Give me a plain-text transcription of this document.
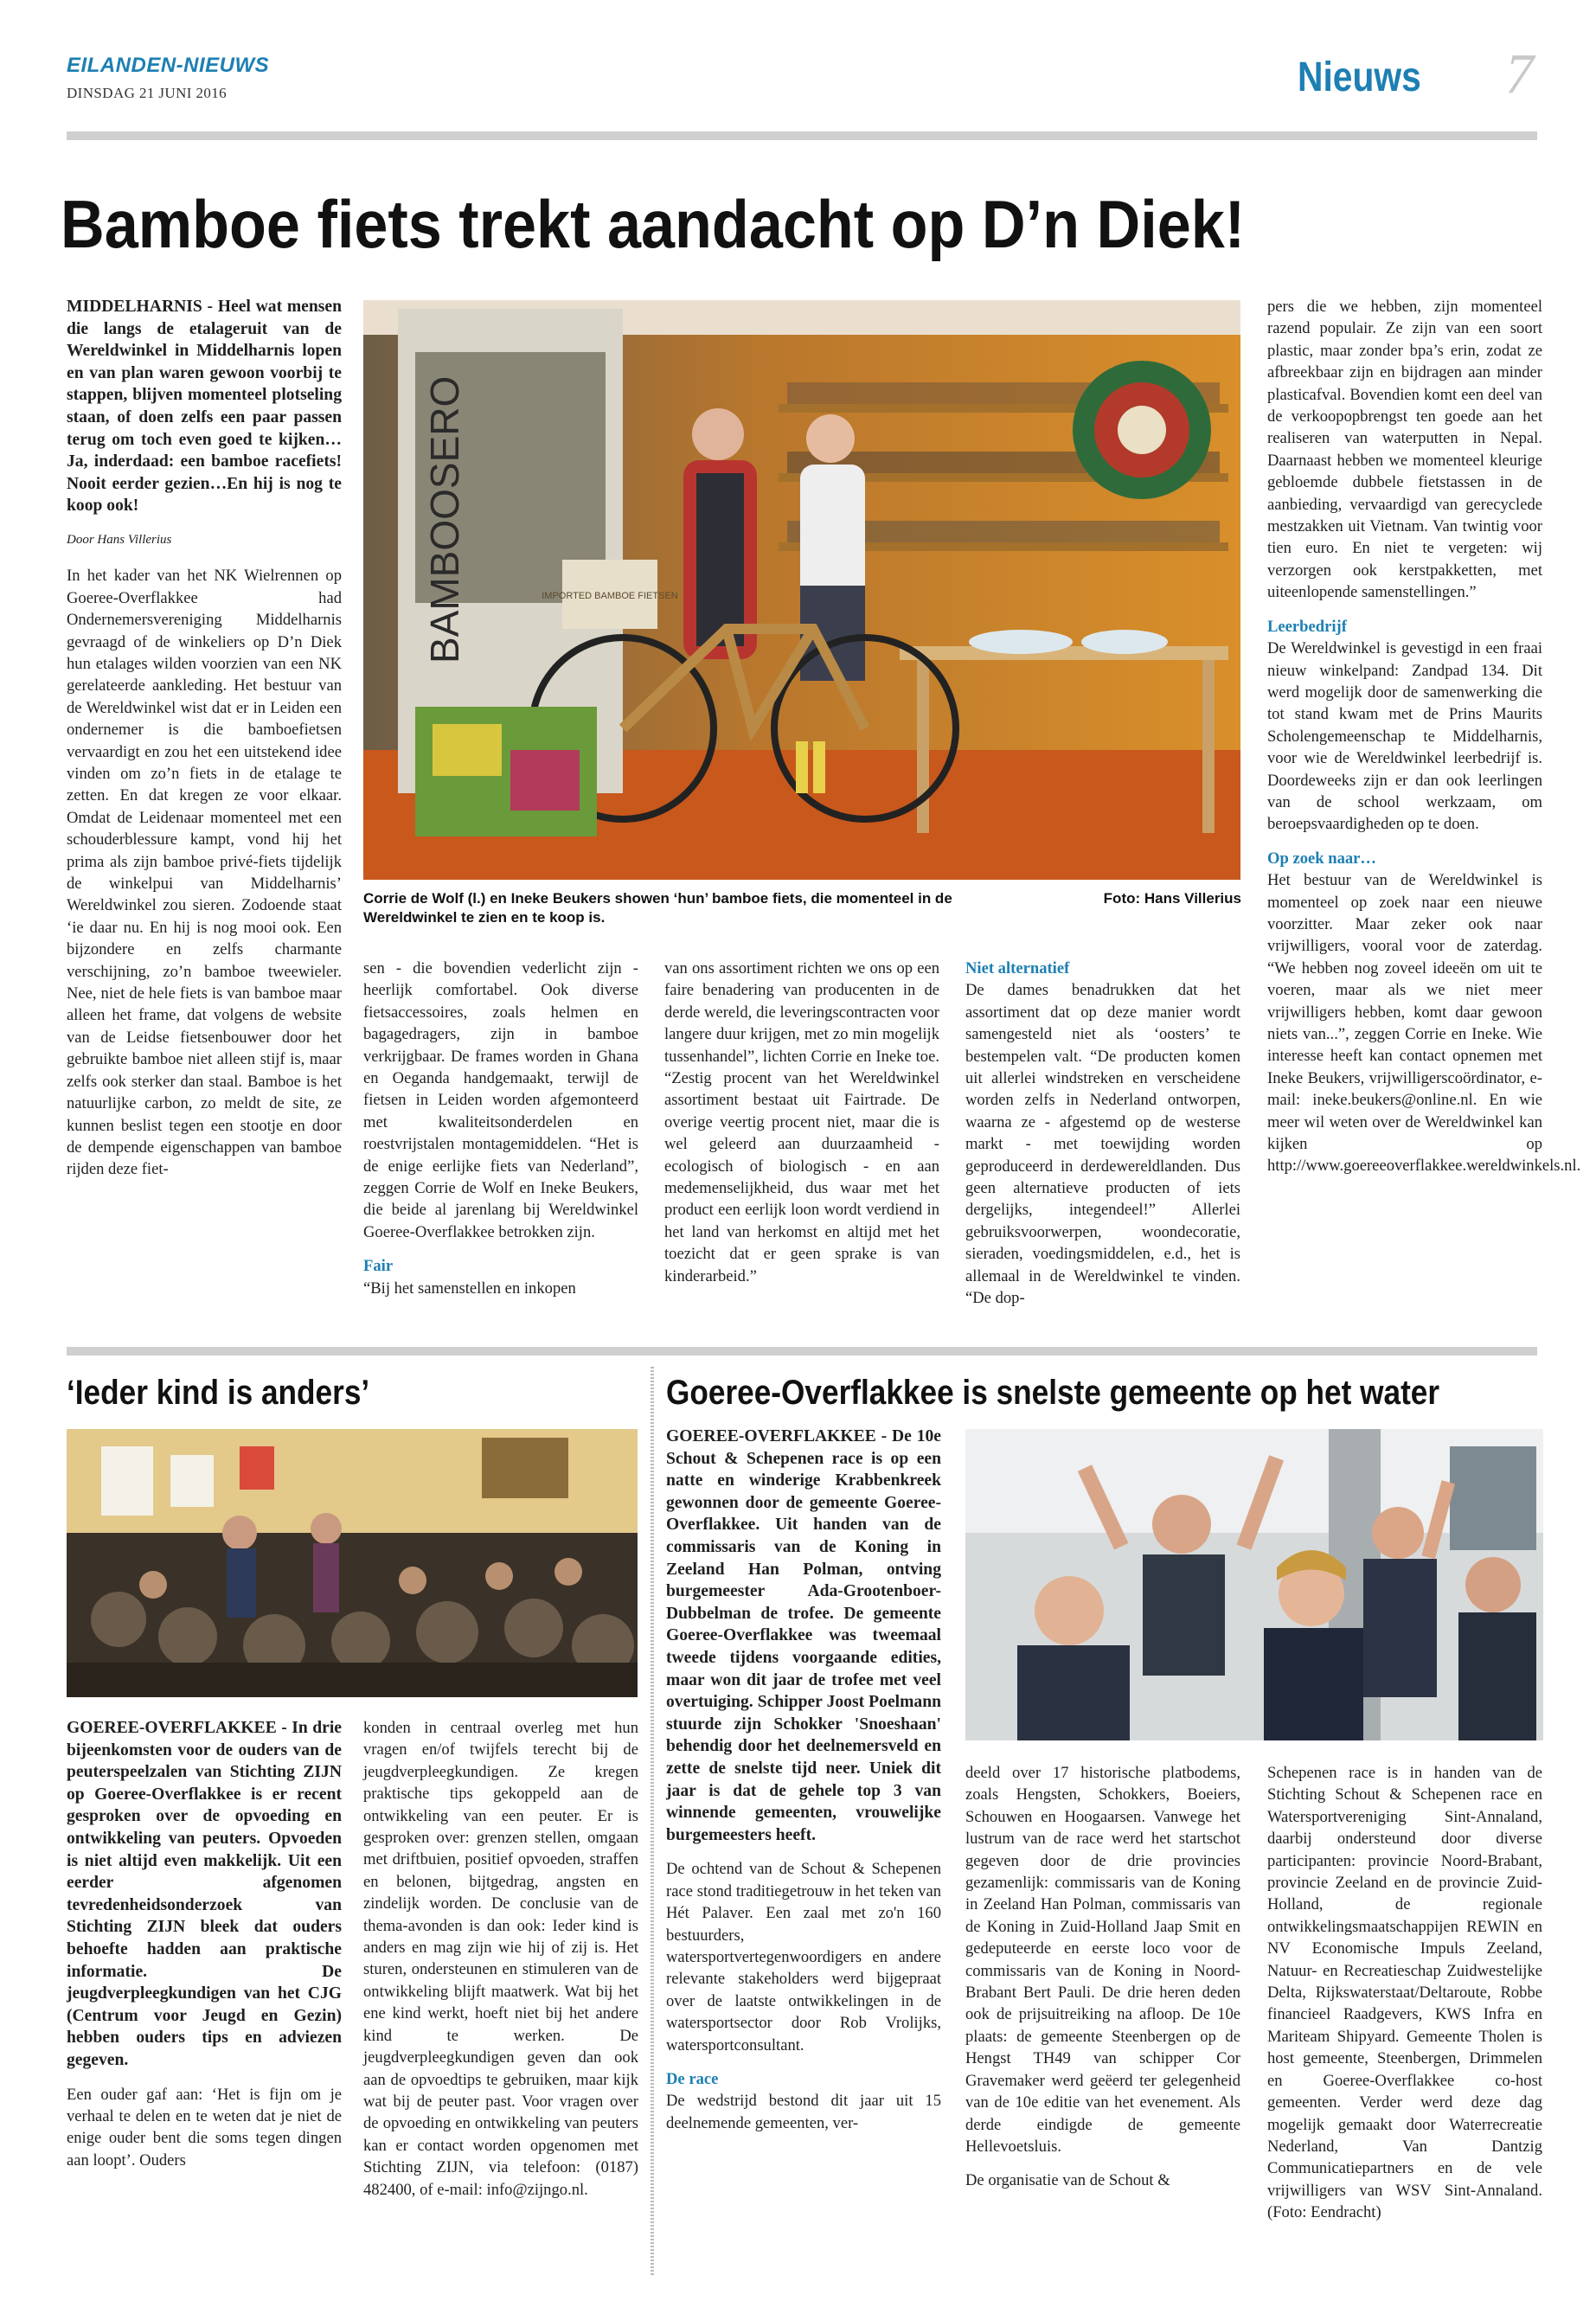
EILANDEN-NIEUWS
DINSDAG 21 JUNI 2016	Nieuws 7
Bamboe fiets trekt aandacht op D’n Diek!

MIDDELHARNIS - Heel wat mensen die langs de etalageruit van de Wereldwinkel in Middelharnis lopen en van plan waren gewoon voorbij te stappen, blijven momenteel plotseling staan, of doen zelfs een paar passen terug om toch even goed te kijken… Ja, inderdaad: een bamboe racefiets! Nooit eerder gezien…En hij is nog te koop ook!

Door Hans Villerius

In het kader van het NK Wielrennen op Goeree-Overflakkee had Ondernemersvereniging Middelharnis gevraagd of de winkeliers op D’n Diek hun etalages wilden voorzien van een NK gerelateerde aankleding. Het bestuur van de Wereldwinkel wist dat er in Leiden een ondernemer is die bamboefietsen vervaardigt en zou het een uitstekend idee vinden om zo’n fiets in de etalage te zetten. En dat kregen ze voor elkaar. Omdat de Leidenaar momenteel met een schouderblessure kampt, vond hij het prima als zijn bamboe privé-fiets tijdelijk de winkelpui van Middelharnis’ Wereldwinkel zou sieren. Zodoende staat ‘ie daar nu. En hij is nog mooi ook. Een bijzondere en zelfs charmante verschijning, zo’n bamboe tweewieler. Nee, niet de hele fiets is van bamboe maar alleen het frame, dat volgens de website van de Leidse fietsenbouwer door het gebruikte bamboe niet alleen stijf is, maar zelfs ook sterker dan staal. Bamboe is het natuurlijke carbon, zo meldt de site, ze kunnen beslist tegen een stootje en door de dempende eigenschappen van bamboe rijden deze fiet-

BAMBOOSERO	IMPORTED BAMBOE FIETSEN
Corrie de Wolf (l.) en Ineke Beukers showen ‘hun’ bamboe fiets, die momenteel in de Wereldwinkel te zien en te koop is.
Foto: Hans Villerius

sen - die bovendien vederlicht zijn - heerlijk comfortabel. Ook diverse fietsaccessoires, zoals helmen en bagagedragers, zijn in bamboe verkrijgbaar. De frames worden in Ghana en Oeganda handgemaakt, terwijl de fietsen in Leiden worden afgemonteerd met kwaliteitsonderdelen en roestvrijstalen montagemiddelen. “Het is de enige eerlijke fiets van Nederland”, zeggen Corrie de Wolf en Ineke Beukers, die beide al jarenlang bij Wereldwinkel Goeree-Overflakkee betrokken zijn.

Fair

“Bij het samenstellen en inkopen

van ons assortiment richten we ons op een faire benadering van producenten in de derde wereld, die leveringscontracten voor langere duur krijgen, met zo min mogelijk tussenhandel”, lichten Corrie en Ineke toe. “Zestig procent van het Wereldwinkel assortiment bestaat uit Fairtrade. De overige veertig procent niet, maar die is wel geleerd aan duurzaamheid - ecologisch of biologisch - en aan medemenselijkheid, dus waar met het product een eerlijk loon wordt verdiend in het land van herkomst en altijd met het toezicht dat er geen sprake is van kinderarbeid.”

Niet alternatief

De dames benadrukken dat het assortiment dat op deze manier wordt samengesteld niet als ‘oosters’ te bestempelen valt. “De producten komen uit allerlei windstreken en verscheidene worden zelfs in Nederland ontworpen, waarna ze - afgestemd op de westerse markt - met toewijding worden geproduceerd in derdewereldlanden. Dus geen alternatieve producten of iets dergelijks, integendeel!” Allerlei gebruiksvoorwerpen, woondecoratie, sieraden, voedingsmiddelen, e.d., het is allemaal in de Wereldwinkel te vinden. “De dop-

pers die we hebben, zijn momenteel razend populair. Ze zijn van een soort plastic, maar zonder bpa’s erin, zodat ze afbreekbaar zijn en bijdragen aan minder plasticafval. Bovendien komt een deel van de verkoopopbrengst ten goede aan het realiseren van waterputten in Nepal. Daarnaast hebben we momenteel kleurige gebloemde dubbele fietstassen in de aanbieding, vervaardigd van gerecyclede mestzakken uit Vietnam. Van twintig voor tien euro. En niet te vergeten: wij verzorgen ook kerstpakketten, met uiteenlopende samenstellingen.”

Leerbedrijf

De Wereldwinkel is gevestigd in een fraai nieuw winkelpand: Zandpad 134. Dit werd mogelijk door de samenwerking die tot stand kwam met de Prins Maurits Scholengemeenschap te Middelharnis, voor wie de Wereldwinkel leerbedrijf is. Doordeweeks zijn er dan ook leerlingen van de school werkzaam, om beroepsvaardigheden op te doen.

Op zoek naar…

Het bestuur van de Wereldwinkel is momenteel op zoek naar een nieuwe voorzitter. Maar zeker ook naar vrijwilligers, vooral voor de zaterdag. “We hebben nog zoveel ideeën om uit te voeren, maar als we niet meer vrijwilligers hebben, komt daar gewoon niets van...”, zeggen Corrie en Ineke. Wie interesse heeft kan contact opnemen met Ineke Beukers, vrijwilligerscoördinator, e-mail: ineke.beukers@online.nl. En wie meer wil weten over de Wereldwinkel kan kijken op http://www.goereeoverflakkee.wereldwinkels.nl.

‘Ieder kind is anders’

GOEREE-OVERFLAKKEE - In drie bijeenkomsten voor de ouders van de peuterspeelzalen van Stichting ZIJN op Goeree-Overflakkee is er recent gesproken over de opvoeding en ontwikkeling van peuters. Opvoeden is niet altijd even makkelijk. Uit een eerder afgenomen tevredenheidsonderzoek van Stichting ZIJN bleek dat ouders behoefte hadden aan praktische informatie. De jeugdverpleegkundigen van het CJG (Centrum voor Jeugd en Gezin) hebben ouders tips en adviezen gegeven.

Een ouder gaf aan: ‘Het is fijn om je verhaal te delen en te weten dat je niet de enige ouder bent die soms tegen dingen aan loopt’. Ouders

konden in centraal overleg met hun vragen en/of twijfels terecht bij de jeugdverpleegkundigen. Ze kregen praktische tips gekoppeld aan de ontwikkeling van een peuter. Er is gesproken over: grenzen stellen, omgaan met driftbuien, positief opvoeden, straffen en belonen, bijtgedrag, angsten en zindelijk worden. De conclusie van de thema-avonden is dan ook: Ieder kind is anders en mag zijn wie hij of zij is. Het sturen, ondersteunen en stimuleren van de ontwikkeling blijft maatwerk. Wat bij het ene kind werkt, hoeft niet bij het andere kind te werken. De jeugdverpleegkundigen geven dan ook aan de opvoedtips te gebruiken, maar kijk wat bij de peuter past. Voor vragen over de opvoeding en ontwikkeling van peuters kan er contact worden opgenomen met Stichting ZIJN, via telefoon: (0187) 482400, of e-mail: info@zijngo.nl.

Goeree-Overflakkee is snelste gemeente op het water

GOEREE-OVERFLAKKEE - De 10e Schout & Schepenen race is op een natte en winderige Krabbenkreek gewonnen door de gemeente Goeree-Overflakkee. Uit handen van de commissaris van de Koning in Zeeland Han Polman, ontving burgemeester Ada-Grootenboer-Dubbelman de trofee. De gemeente Goeree-Overflakkee was tweemaal tweede tijdens voorgaande edities, maar won dit jaar de trofee met veel overtuiging. Schipper Joost Poelmann stuurde zijn Schokker 'Snoeshaan' behendig door het deelnemersveld en zette de snelste tijd neer. Uniek dit jaar is dat de gehele top 3 van winnende gemeenten, vrouwelijke burgemeesters heeft.

De ochtend van de Schout & Schepenen race stond traditiegetrouw in het teken van Hét Palaver. Een zaal met zo'n 160 bestuurders, watersportvertegenwoordigers en andere relevante stakeholders werd bijgepraat over de laatste ontwikkelingen in de watersportsector door Rob Vrolijks, watersportconsultant.

De race

De wedstrijd bestond dit jaar uit 15 deelnemende gemeenten, ver-

deeld over 17 historische platbodems, zoals Hengsten, Schokkers, Boeiers, Schouwen en Hoogaarsen. Vanwege het lustrum van de race werd het startschot gegeven door de drie provincies gezamenlijk: commissaris van de Koning in Zeeland Han Polman, commissaris van de Koning in Zuid-Holland Jaap Smit en gedeputeerde en eerste loco voor de commissaris van de Koning in Noord-Brabant Bert Pauli. De drie heren deden ook de prijsuitreiking na afloop. De 10e plaats: de gemeente Steenbergen op de Hengst TH49 van schipper Cor Gravemaker werd geëerd ter gelegenheid van de 10e editie van het evenement. Als derde eindigde de gemeente Hellevoetsluis.

De organisatie van de Schout &

Schepenen race is in handen van de Stichting Schout & Schepenen race en Watersportvereniging Sint-Annaland, daarbij ondersteund door diverse participanten: provincie Noord-Brabant, provincie Zeeland en de provincie Zuid-Holland, de regionale ontwikkelingsmaatschappijen REWIN en NV Economische Impuls Zeeland, Natuur- en Recreatieschap Zuidwestelijke Delta, Rijkswaterstaat/Deltaroute, Robbe financieel Raadgevers, KWS Infra en Mariteam Shipyard. Gemeente Tholen is host gemeente, Steenbergen, Drimmelen en Goeree-Overflakkee co-host gemeenten. Verder werd deze dag mogelijk gemaakt door Waterrecreatie Nederland, Van Dantzig Communicatiepartners en de vele vrijwilligers van WSV Sint-Annaland. (Foto: Eendracht)
